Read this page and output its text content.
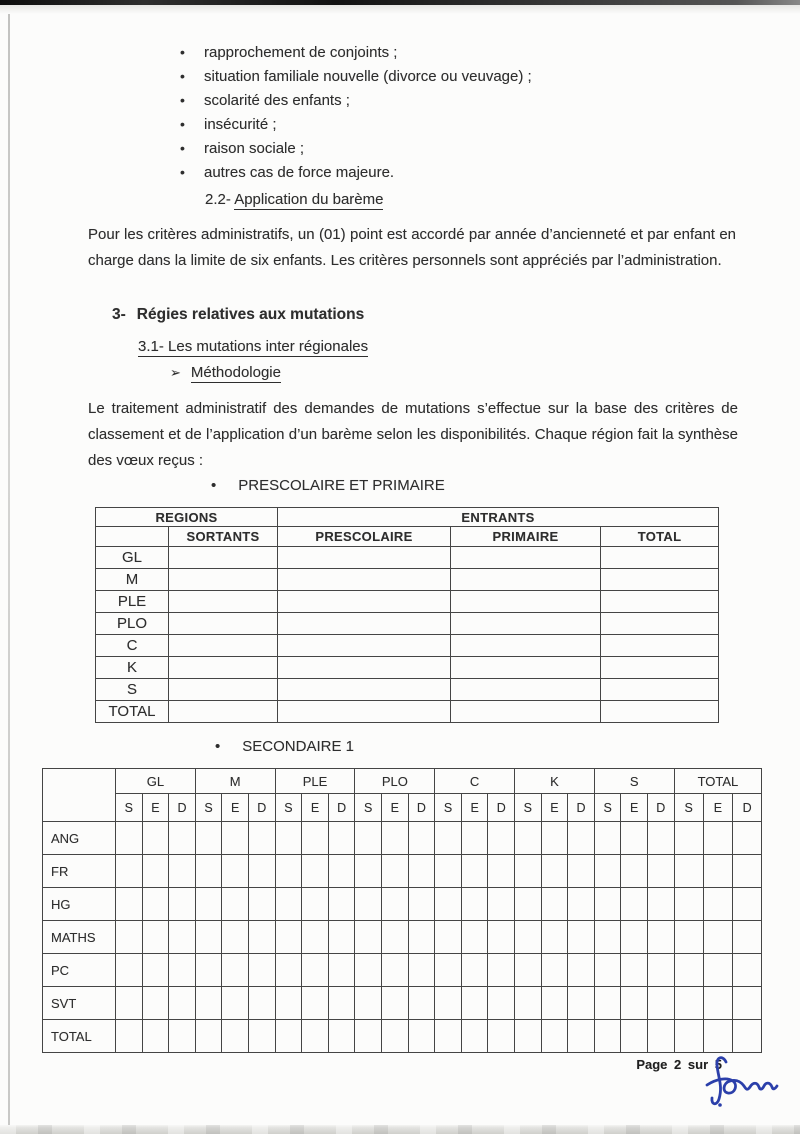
•	rapprochement de conjoints ;
•	situation familiale nouvelle (divorce ou veuvage) ;
•	scolarité des enfants ;
•	insécurité ;
•	raison sociale ;
•	autres cas de force majeure.
2.2- Application du barème
Pour les critères administratifs, un (01) point est accordé par année d’ancienneté et par enfant en charge dans la limite de six enfants. Les critères personnels sont appréciés par l’administration.
3- Régies relatives aux mutations
3.1- Les mutations inter régionales
➢ Méthodologie
Le traitement administratif des demandes de mutations s’effectue sur la base des critères de classement et de l’application d’un barème selon les disponibilités. Chaque région fait la synthèse des vœux reçus :
• PRESCOLAIRE ET PRIMAIRE
REGIONS		ENTRANTS		
	SORTANTS	PRESCOLAIRE	PRIMAIRE	TOTAL
GL				
M				
PLE				
PLO				
C				
K				
S				
TOTAL				
• SECONDAIRE 1
	GL			M			PLE			PLO			C			K			S			TOTAL		
	S	E	D	S	E	D	S	E	D	S	E	D	S	E	D	S	E	D	S	E	D	S	E	D
ANG																								
FR																								
HG																								
MATHS																								
PC																								
SVT																								
TOTAL																								
Page 2 sur 5
